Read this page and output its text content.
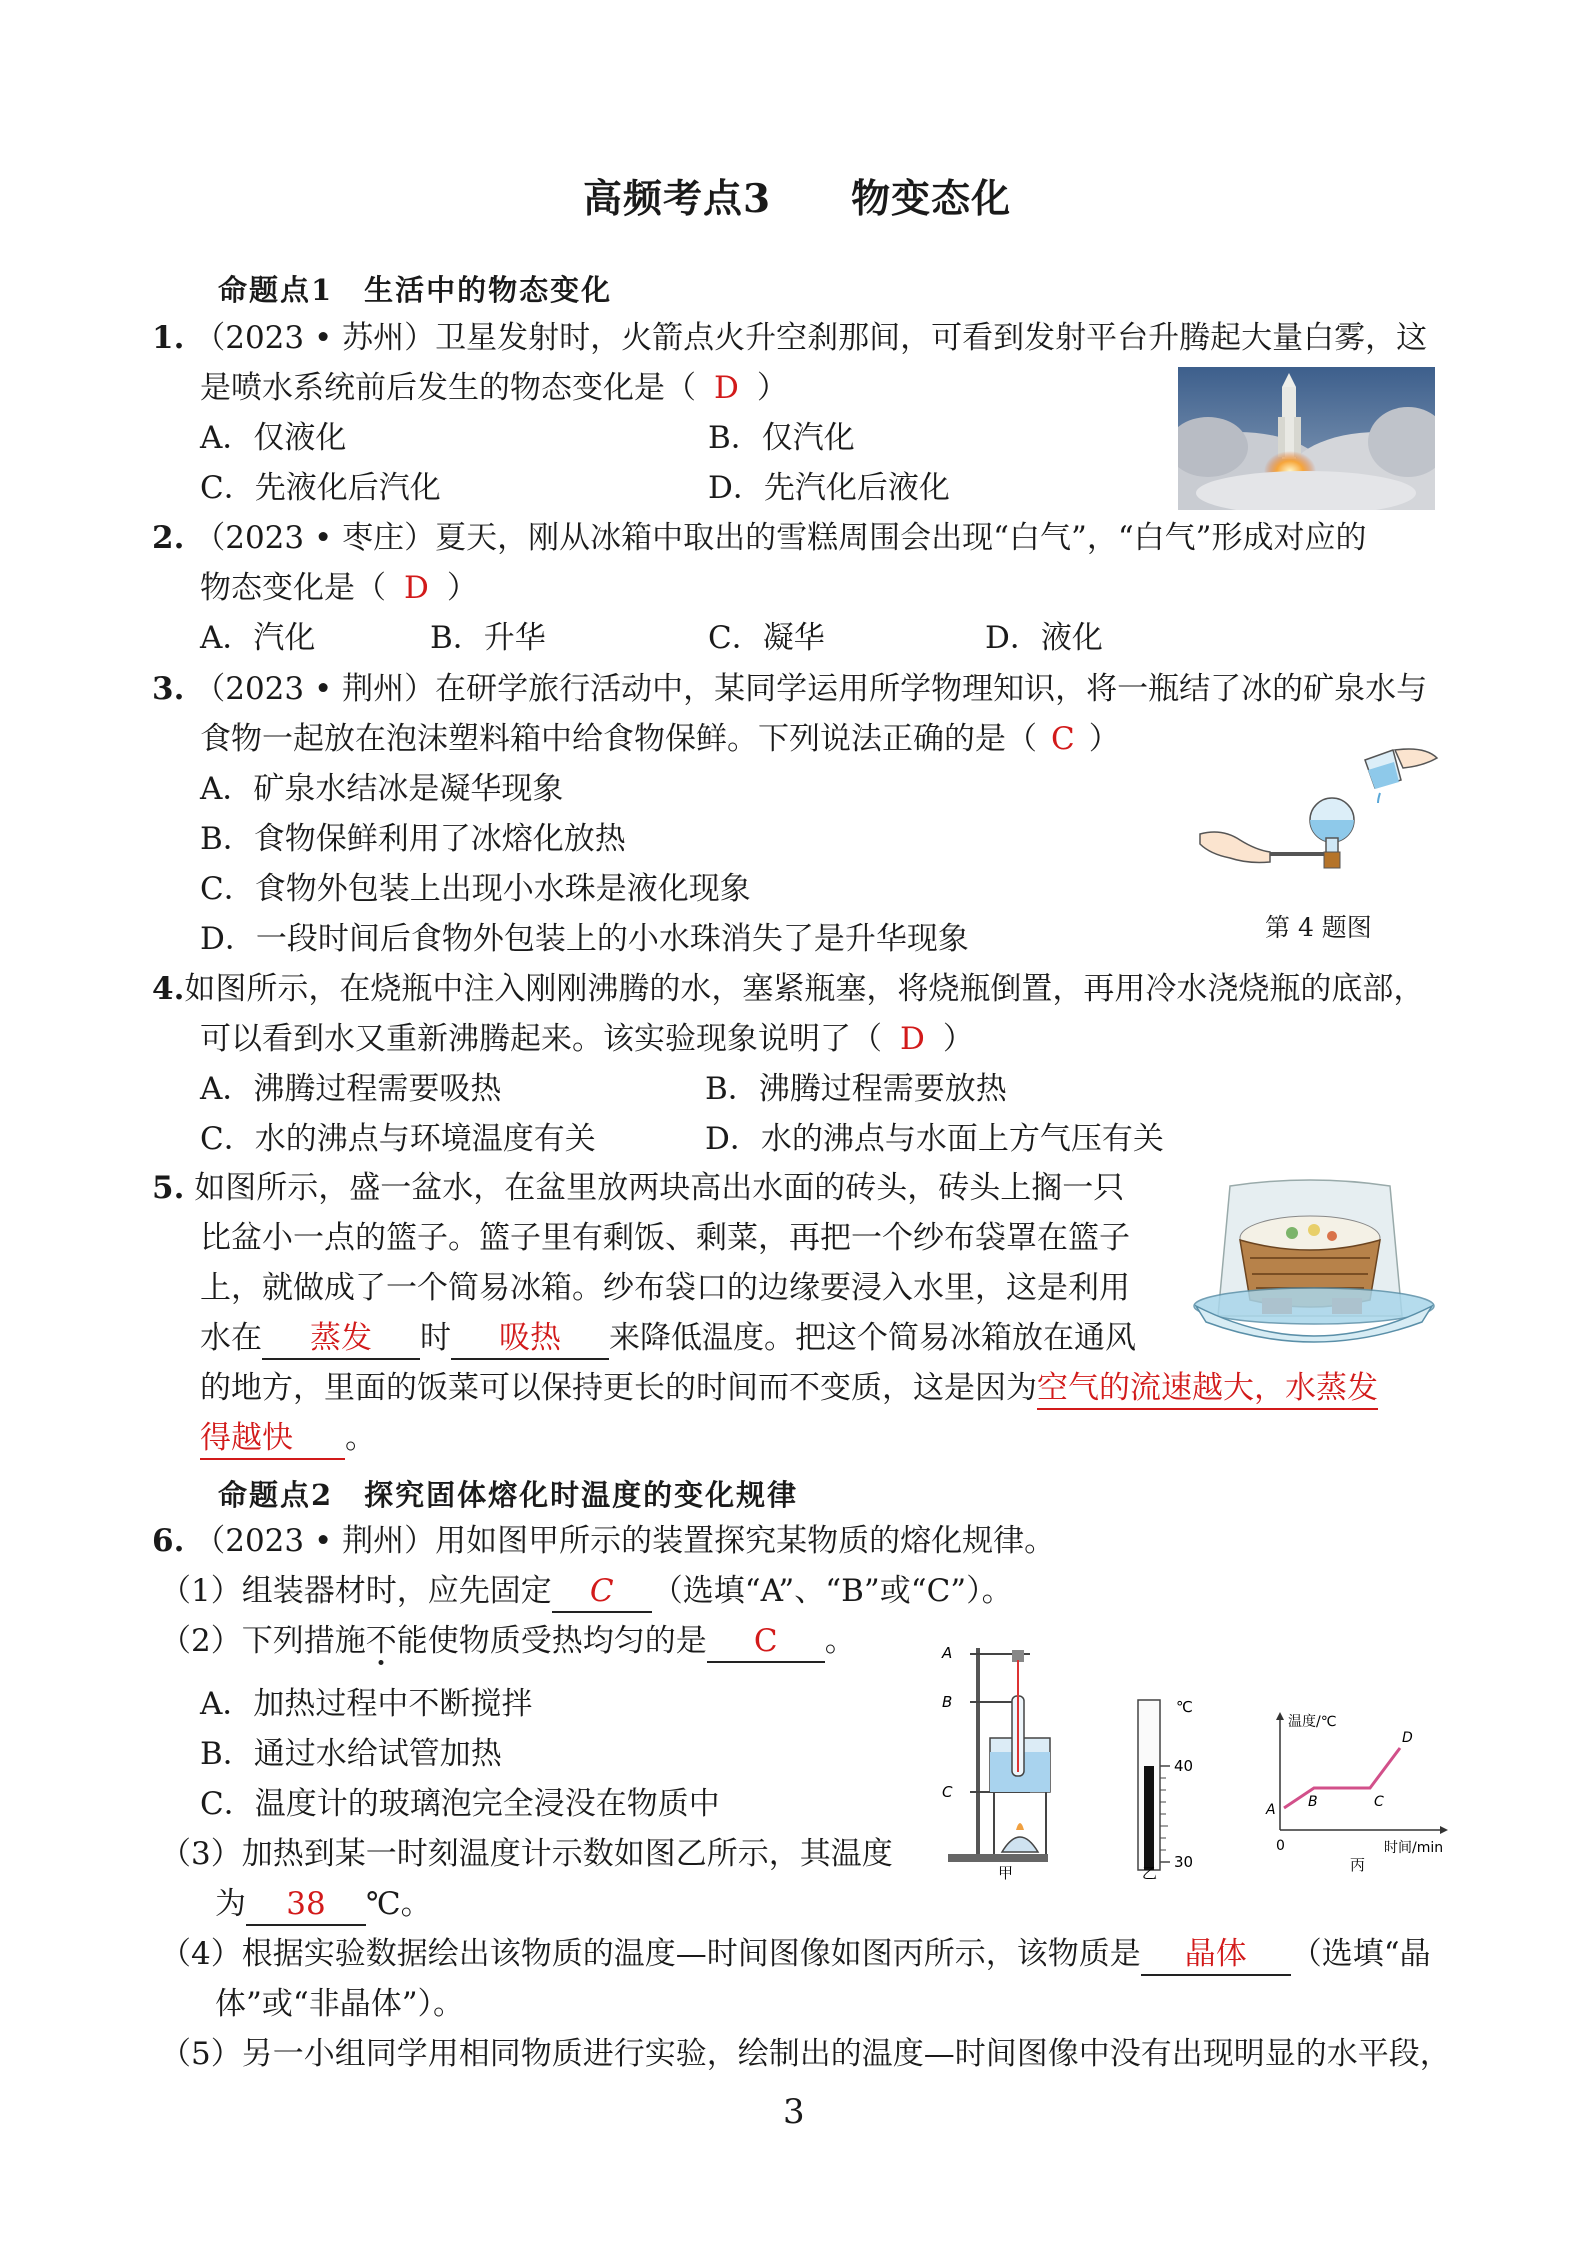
高频考点3　　物变态化
命题点1　生活中的物态变化
1. （2023 • 苏州）卫星发射时，火箭点火升空刹那间，可看到发射平台升腾起大量白雾，这
是喷水系统前后发生的物态变化是（ D ）
A．仅液化	B．仅汽化
C．先液化后汽化	D．先汽化后液化
2. （2023 • 枣庄）夏天，刚从冰箱中取出的雪糕周围会出现“白气”，“白气”形成对应的
物态变化是（ D ）
A．汽化	B．升华	C．凝华	D．液化
3. （2023 • 荆州）在研学旅行活动中，某同学运用所学物理知识，将一瓶结了冰的矿泉水与
食物一起放在泡沫塑料箱中给食物保鲜。下列说法正确的是（ C ）
A．矿泉水结冰是凝华现象
B．食物保鲜利用了冰熔化放热
C．食物外包装上出现小水珠是液化现象
D．一段时间后食物外包装上的小水珠消失了是升华现象	第 4 题图
4.如图所示，在烧瓶中注入刚刚沸腾的水，塞紧瓶塞，将烧瓶倒置，再用冷水浇烧瓶的底部，
可以看到水又重新沸腾起来。该实验现象说明了（ D ）
A．沸腾过程需要吸热	B．沸腾过程需要放热
C．水的沸点与环境温度有关	D．水的沸点与水面上方气压有关
5. 如图所示，盛一盆水，在盆里放两块高出水面的砖头，砖头上搁一只
比盆小一点的篮子。篮子里有剩饭、剩菜，再把一个纱布袋罩在篮子
上，就做成了一个简易冰箱。纱布袋口的边缘要浸入水里，这是利用
水在 蒸发 时 吸热 来降低温度。把这个简易冰箱放在通风
的地方，里面的饭菜可以保持更长的时间而不变质，这是因为空气的流速越大，水蒸发
得越快 。
命题点2　探究固体熔化时温度的变化规律
6. （2023 • 荆州）用如图甲所示的装置探究某物质的熔化规律。
（1）组装器材时，应先固定 C （选填“A”、“B”或“C”）。
（2）下列措施不能使物质受热均匀的是 C 。
A．加热过程中不断搅拌
B．通过水给试管加热
C．温度计的玻璃泡完全浸没在物质中
（3）加热到某一时刻温度计示数如图乙所示，其温度
为 38 ℃。
（4）根据实验数据绘出该物质的温度—时间图像如图丙所示，该物质是 晶体 （选填“晶
体”或“非晶体”）。
（5）另一小组同学用相同物质进行实验，绘制出的温度—时间图像中没有出现明显的水平段，
A
B
C
甲
℃
40
30
乙
温度/℃
时间/min
0
A B	C
D
丙
3
